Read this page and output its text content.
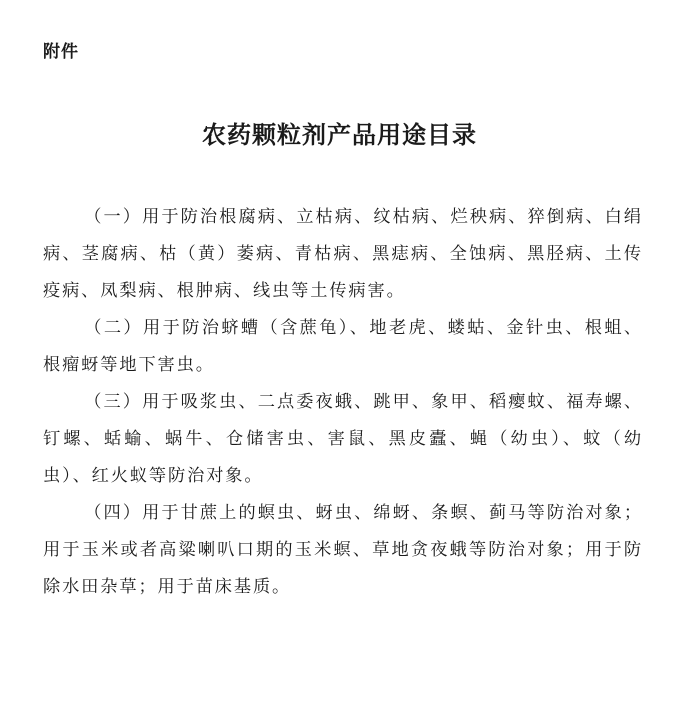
附件
农药颗粒剂产品用途目录

（一）用于防治根腐病、立枯病、纹枯病、烂秧病、猝倒病、白绢病、茎腐病、枯（黄）萎病、青枯病、黑痣病、全蚀病、黑胫病、土传疫病、凤梨病、根肿病、线虫等土传病害。

（二）用于防治蛴螬（含蔗龟）、地老虎、蝼蛄、金针虫、根蛆、根瘤蚜等地下害虫。

（三）用于吸浆虫、二点委夜蛾、跳甲、象甲、稻瘿蚊、福寿螺、钉螺、蛞蝓、蜗牛、仓储害虫、害鼠、黑皮蠹、蝇（幼虫）、蚊（幼虫）、红火蚁等防治对象。

（四）用于甘蔗上的螟虫、蚜虫、绵蚜、条螟、蓟马等防治对象；用于玉米或者高粱喇叭口期的玉米螟、草地贪夜蛾等防治对象；用于防除水田杂草；用于苗床基质。
